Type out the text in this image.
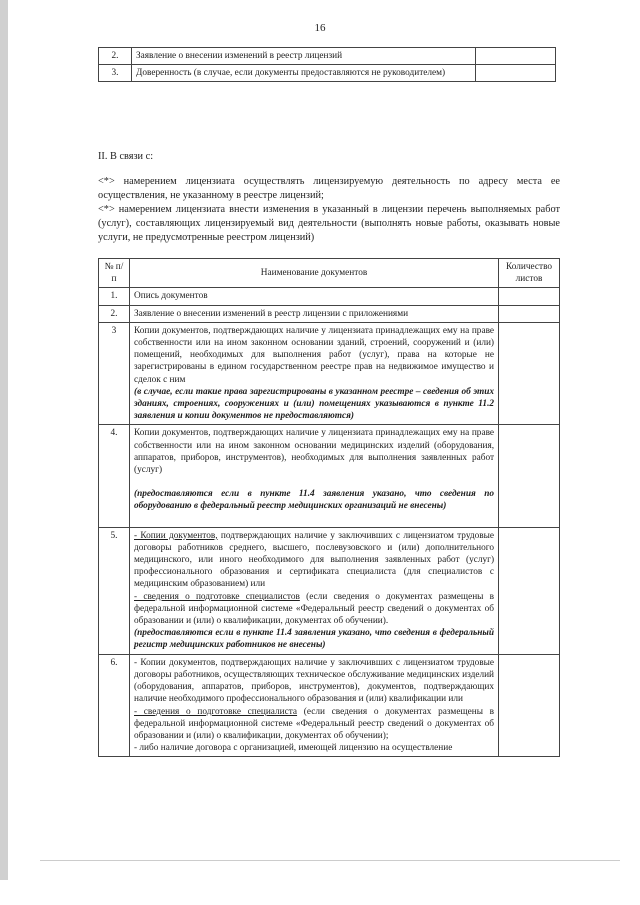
16
2.	Заявление о внесении изменений в реестр лицензий	
3.	Доверенность (в случае, если документы предоставляются не руководителем)	
II. В связи с:
<*> намерением лицензиата осуществлять лицензируемую деятельность по адресу места ее осуществления, не указанному в реестре лицензий;
<*> намерением лицензиата внести изменения в указанный в лицензии перечень выполняемых работ (услуг), составляющих лицензируемый вид деятельности (выполнять новые работы, оказывать новые услуги, не предусмотренные реестром лицензий)
№ п/п	Наименование документов	Количество листов
1.	Опись документов	
2.	Заявление о внесении изменений в реестр лицензии с приложениями	
3	Копии документов, подтверждающих наличие у лицензиата принадлежащих ему на праве собственности или на ином законном основании зданий, строений, сооружений и (или) помещений, необходимых для выполнения работ (услуг), права на которые не зарегистрированы в едином государственном реестре прав на недвижимое имущество и сделок с ним
(в случае, если такие права зарегистрированы в указанном реестре – сведения об этих зданиях, строениях, сооружениях и (или) помещениях указываются в пункте 11.2 заявления и копии документов не предоставляются)	
4.	Копии документов, подтверждающих наличие у лицензиата принадлежащих ему на праве собственности или на ином законном основании медицинских изделий (оборудования, аппаратов, приборов, инструментов), необходимых для выполнения заявленных работ (услуг)
(предоставляются если в пункте 11.4 заявления указано, что сведения по оборудованию в федеральный реестр медицинских организаций не внесены)

5.	- Копии документов, подтверждающих наличие у заключивших с лицензиатом трудовые договоры работников среднего, высшего, послевузовского и (или) дополнительного медицинского, или иного необходимого для выполнения заявленных работ (услуг) профессионального образования и сертификата специалиста (для специалистов с медицинским образованием) или
- сведения о подготовке специалистов (если сведения о документах размещены в федеральной информационной системе «Федеральный реестр сведений о документах об образовании и (или) о квалификации, документах об обучении).
(предоставляются если в пункте 11.4 заявления указано, что сведения в федеральный регистр медицинских работников не внесены)	
6.	- Копии документов, подтверждающих наличие у заключивших с лицензиатом трудовые договоры работников, осуществляющих техническое обслуживание медицинских изделий (оборудования, аппаратов, приборов, инструментов), документов, подтверждающих наличие необходимого профессионального образования и (или) квалификации или
- сведения о подготовке специалиста (если сведения о документах размещены в федеральной информационной системе «Федеральный реестр сведений о документах об образовании и (или) о квалификации, документах об обучении);
- либо наличие договора с организацией, имеющей лицензию на осуществление	
